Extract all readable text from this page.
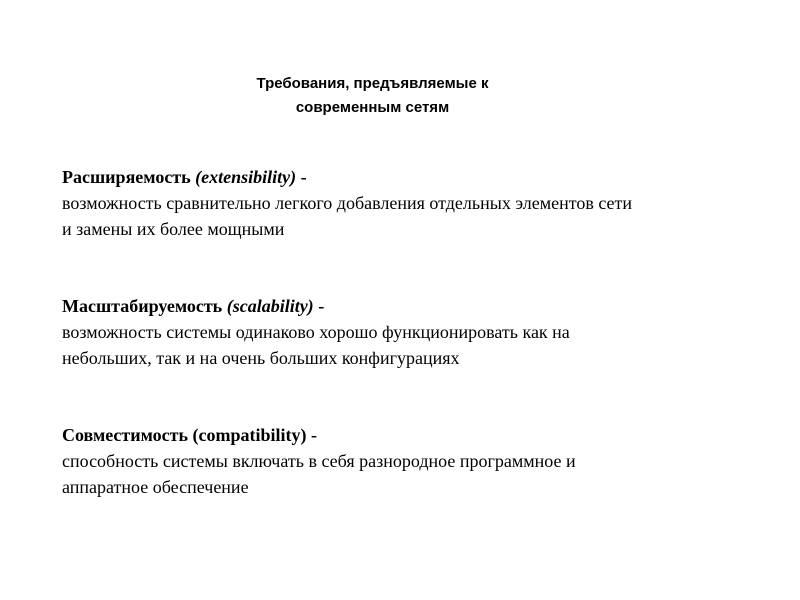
Требования, предъявляемые к
современным сетям
Расширяемость (extensibility) -
возможность сравнительно легкого добавления отдельных элементов сети
и замены их более мощными
Масштабируемость (scalability) -
возможность системы одинаково хорошо функционировать как на
небольших, так и на очень больших конфигурациях
Совместимость (compatibility) -
способность системы включать в себя разнородное программное и
аппаратное обеспечение
